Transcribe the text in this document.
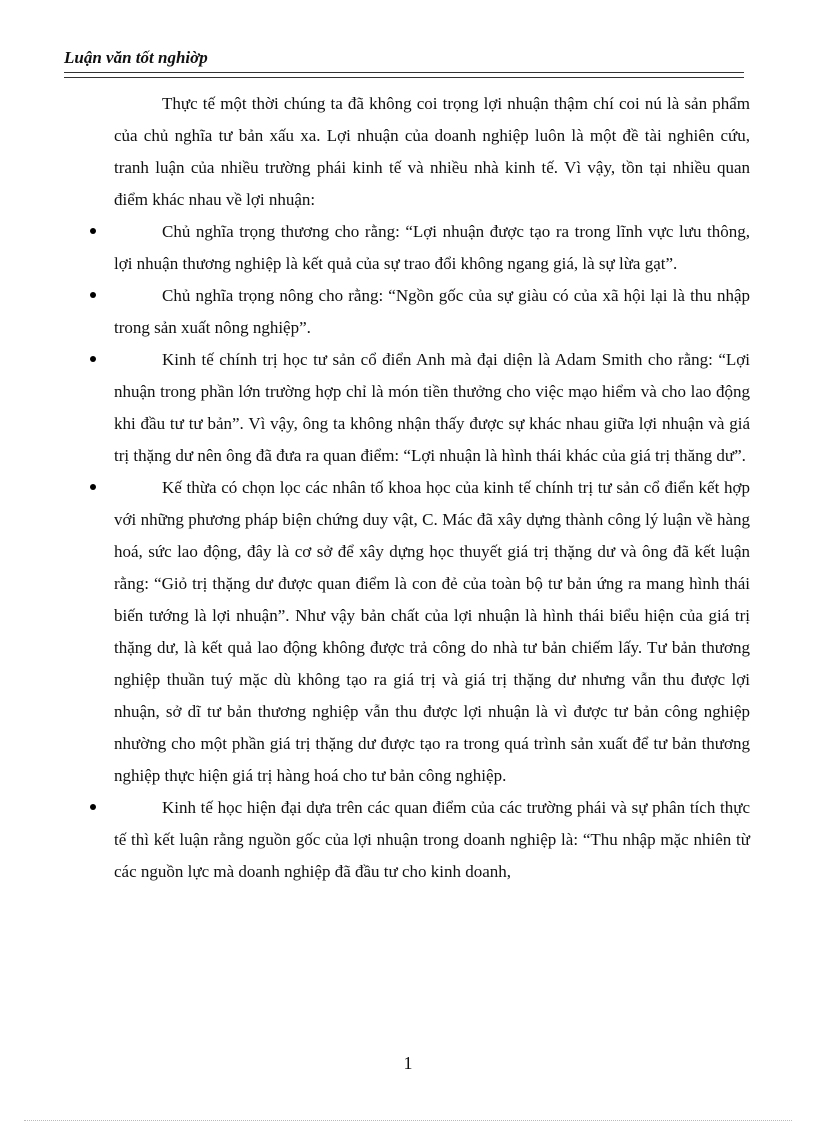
Luận văn tốt nghiờp

Thực tế một thời chúng ta đã không coi trọng lợi nhuận thậm chí coi nú là sản phẩm của chủ nghĩa tư bản xấu xa. Lợi nhuận của doanh nghiệp luôn là một đề tài nghiên cứu, tranh luận của nhiều trường phái kinh tế và nhiều nhà kinh tế. Vì vậy, tồn tại nhiều quan điểm khác nhau về lợi nhuận:

Chủ nghĩa trọng thương cho rằng: “Lợi nhuận được tạo ra trong lĩnh vực lưu thông, lợi nhuận thương nghiệp là kết quả của sự trao đổi không ngang giá, là sự lừa gạt”.

Chủ nghĩa trọng nông cho rằng: “Ngồn gốc của sự giàu có của xã hội lại là thu nhập trong sản xuất nông nghiệp”.

Kinh tế chính trị học tư sản cổ điển Anh mà đại diện là Adam Smith cho rằng: “Lợi nhuận trong phần lớn trường hợp chỉ là món tiền thưởng cho việc mạo hiểm và cho lao động khi đầu tư tư bản”. Vì vậy, ông ta không nhận thấy được sự khác nhau giữa lợi nhuận và giá trị thặng dư nên ông đã đưa ra quan điểm: “Lợi nhuận là hình thái khác của giá trị thăng dư”.

Kế thừa có chọn lọc các nhân tố khoa học của kinh tế chính trị tư sản cổ điển kết hợp với những phương pháp biện chứng duy vật, C. Mác đã xây dựng thành công lý luận về hàng hoá, sức lao động, đây là cơ sở để xây dựng học thuyết giá trị thặng dư và ông đã kết luận rằng: “Giỏ trị thặng dư được quan điểm là con đẻ của toàn bộ tư bản ứng ra mang hình thái biến tướng là lợi nhuận”. Như vậy bản chất của lợi nhuận là hình thái biểu hiện của giá trị thặng dư, là kết quả lao động không được trả công do nhà tư bản chiếm lấy. Tư bản thương nghiệp thuần tuý mặc dù không tạo ra giá trị và giá trị thặng dư nhưng vẫn thu được lợi nhuận, sở dĩ tư bản thương nghiệp vẫn thu được lợi nhuận là vì được tư bản công nghiệp nhường cho một phần giá trị thặng dư được tạo ra trong quá trình sản xuất để tư bản thương nghiệp thực hiện giá trị hàng hoá cho tư bản công nghiệp.

Kinh tế học hiện đại dựa trên các quan điểm của các trường phái và sự phân tích thực tế thì kết luận rằng nguồn gốc của lợi nhuận trong doanh nghiệp là: “Thu nhập mặc nhiên từ các nguồn lực mà doanh nghiệp đã đầu tư cho kinh doanh,

1
